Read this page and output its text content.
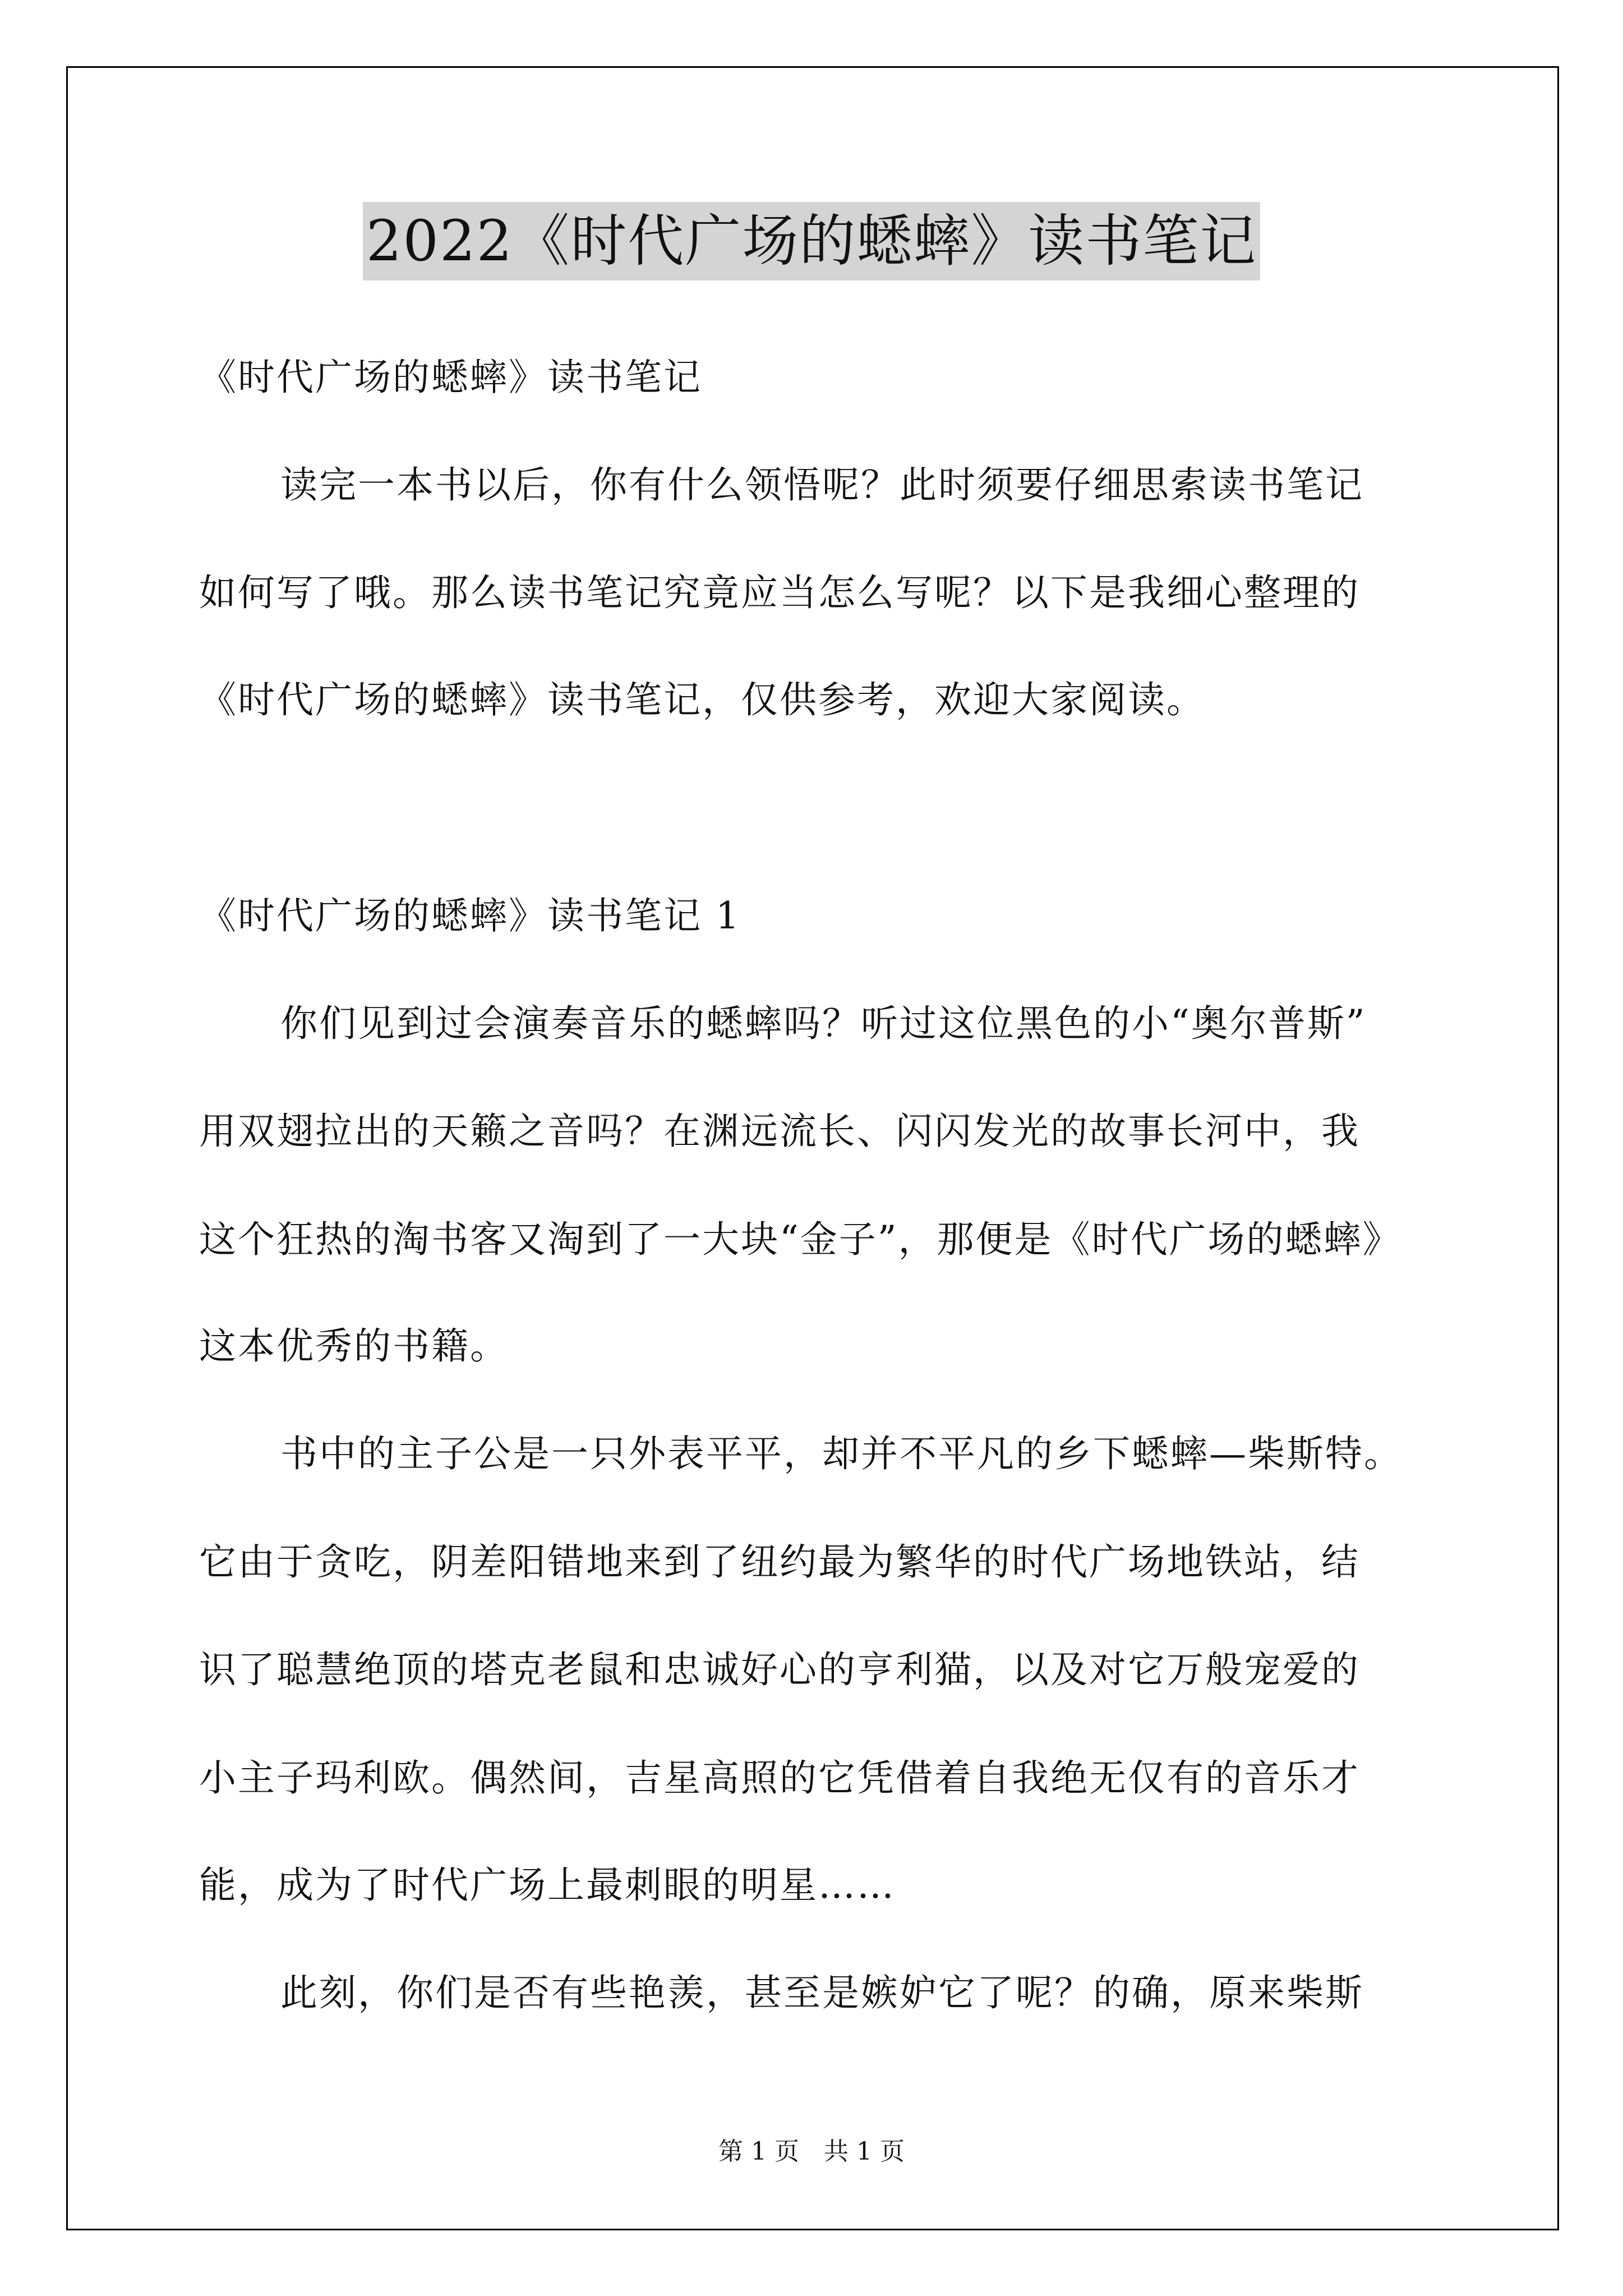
2022《时代广场的蟋蟀》读书笔记
《时代广场的蟋蟀》读书笔记
读完一本书以后，你有什么领悟呢？此时须要仔细思索读书笔记
如何写了哦。那么读书笔记究竟应当怎么写呢？以下是我细心整理的
《时代广场的蟋蟀》读书笔记，仅供参考，欢迎大家阅读。
《时代广场的蟋蟀》读书笔记 1
你们见到过会演奏音乐的蟋蟀吗？听过这位黑色的小“奥尔普斯”
用双翅拉出的天籁之音吗？在渊远流长、闪闪发光的故事长河中，我
这个狂热的淘书客又淘到了一大块“金子”，那便是《时代广场的蟋蟀》
这本优秀的书籍。
书中的主子公是一只外表平平，却并不平凡的乡下蟋蟀—柴斯特。
它由于贪吃，阴差阳错地来到了纽约最为繁华的时代广场地铁站，结
识了聪慧绝顶的塔克老鼠和忠诚好心的亨利猫，以及对它万般宠爱的
小主子玛利欧。偶然间，吉星高照的它凭借着自我绝无仅有的音乐才
能，成为了时代广场上最刺眼的明星……
此刻，你们是否有些艳羡，甚至是嫉妒它了呢？的确，原来柴斯
第 1 页　共 1 页
